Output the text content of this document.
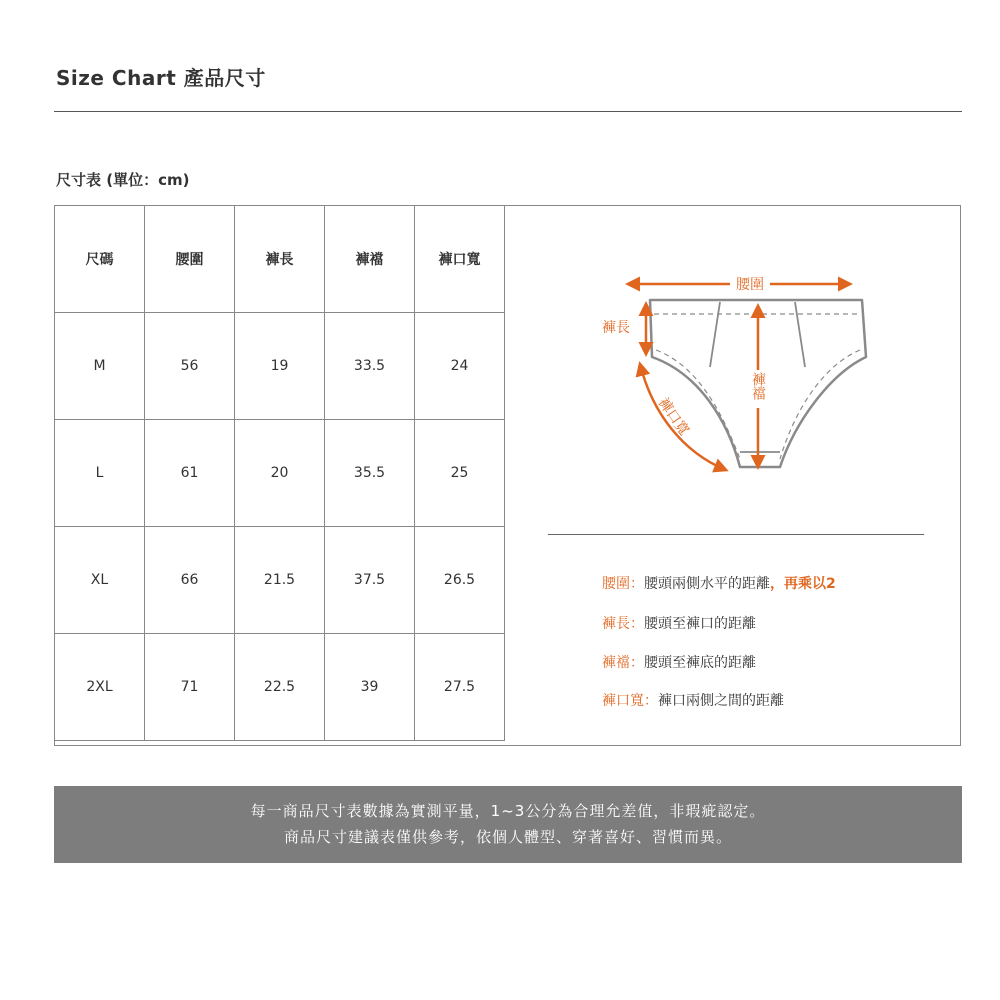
Size Chart 產品尺寸
尺寸表 (單位：cm)
尺碼	腰圍	褲長	褲襠	褲口寬
M	56	19	33.5	24
L	61	20	35.5	25
XL	66	21.5	37.5	26.5
2XL	71	22.5	39	27.5
腰圍
褲長
褲襠
褲口寬
腰圍：腰頭兩側水平的距離，再乘以2
褲長：腰頭至褲口的距離
褲襠：腰頭至褲底的距離
褲口寬：褲口兩側之間的距離
每一商品尺寸表數據為實測平量，1~3公分為合理允差值，非瑕疵認定。
商品尺寸建議表僅供參考，依個人體型、穿著喜好、習慣而異。
